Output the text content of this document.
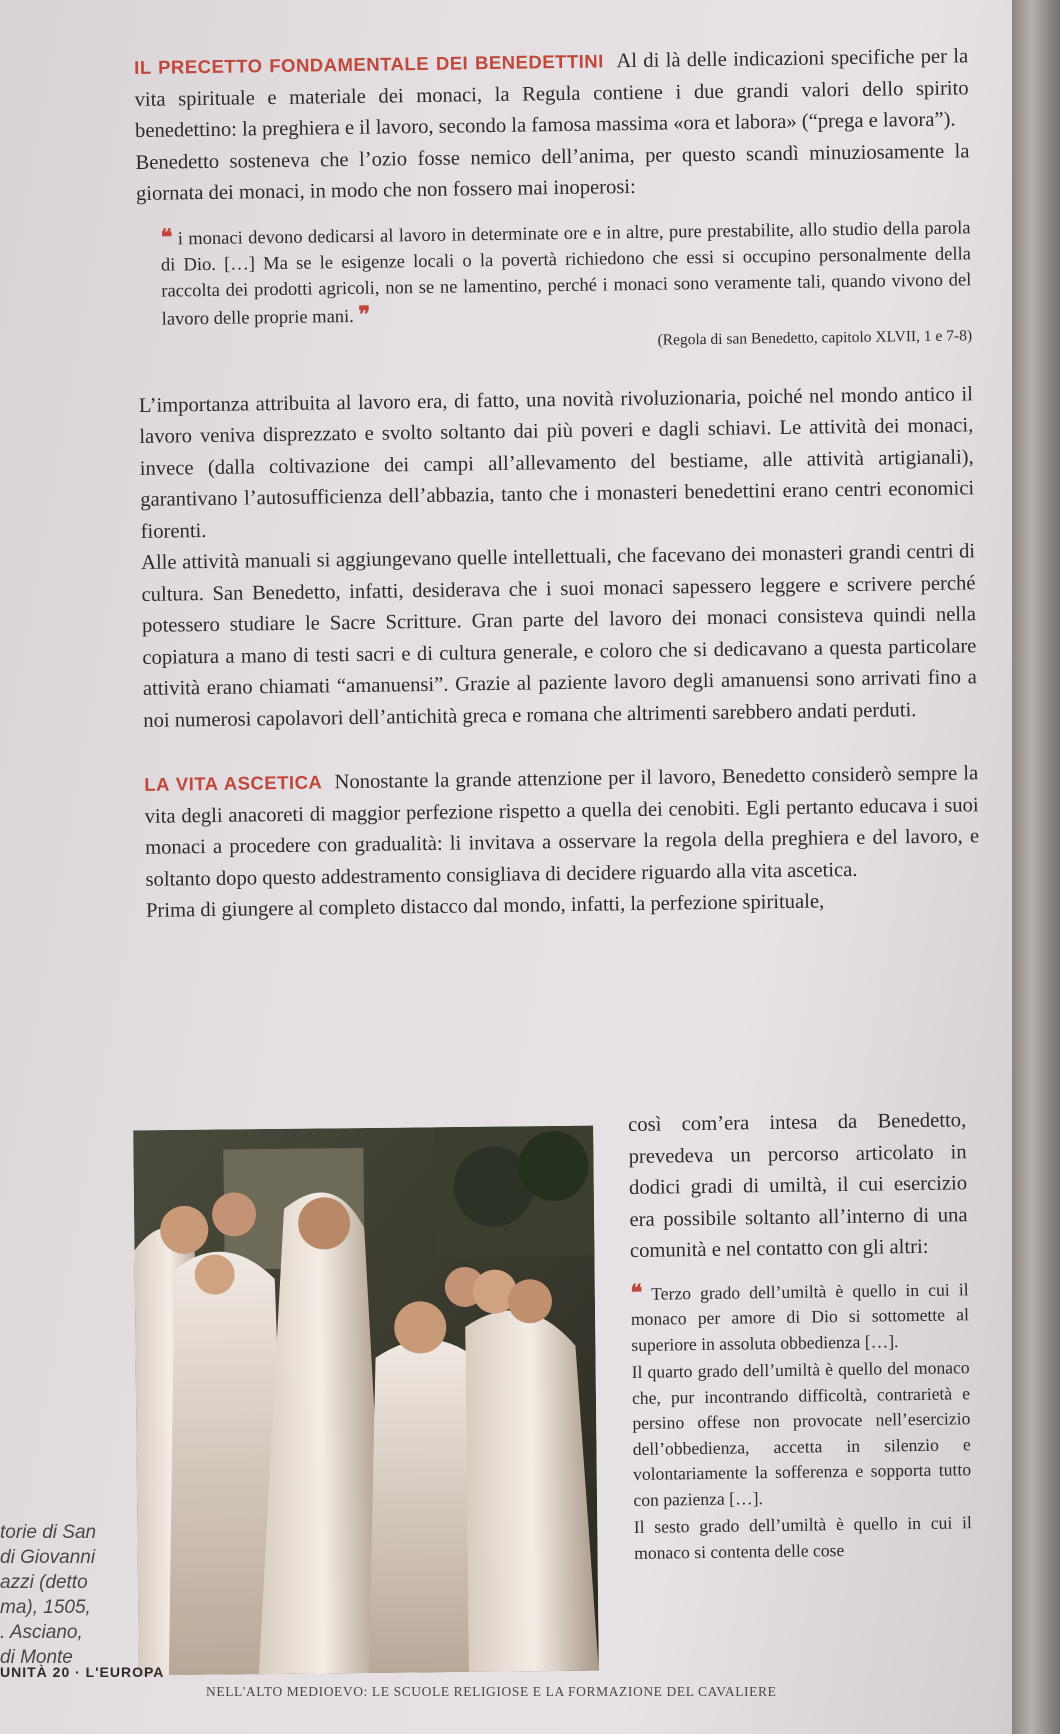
IL PRECETTO FONDAMENTALE DEI BENEDETTINI Al di là delle indicazioni specifiche per la vita spirituale e materiale dei monaci, la Regula contiene i due grandi valori dello spirito benedettino: la preghiera e il lavoro, secondo la famosa massima «ora et labora» (“prega e lavora”).

Benedetto sosteneva che l’ozio fosse nemico dell’anima, per questo scandì minuziosamente la giornata dei monaci, in modo che non fossero mai inoperosi:

❝ i monaci devono dedicarsi al lavoro in determinate ore e in altre, pure prestabilite, allo studio della parola di Dio. […] Ma se le esigenze locali o la povertà richiedono che essi si occupino personalmente della raccolta dei prodotti agricoli, non se ne lamentino, perché i monaci sono veramente tali, quando vivono del lavoro delle proprie mani. ❞

(Regola di san Benedetto, capitolo XLVII, 1 e 7-8)

L’importanza attribuita al lavoro era, di fatto, una novità rivoluzionaria, poiché nel mondo antico il lavoro veniva disprezzato e svolto soltanto dai più poveri e dagli schiavi. Le attività dei monaci, invece (dalla coltivazione dei campi all’allevamento del bestiame, alle attività artigianali), garantivano l’autosufficienza dell’abbazia, tanto che i monasteri benedettini erano centri economici fiorenti.

Alle attività manuali si aggiungevano quelle intellettuali, che facevano dei monasteri grandi centri di cultura. San Benedetto, infatti, desiderava che i suoi monaci sapessero leggere e scrivere perché potessero studiare le Sacre Scritture. Gran parte del lavoro dei monaci consisteva quindi nella copiatura a mano di testi sacri e di cultura generale, e coloro che si dedicavano a questa particolare attività erano chiamati “amanuensi”. Grazie al paziente lavoro degli amanuensi sono arrivati fino a noi numerosi capolavori dell’antichità greca e romana che altrimenti sarebbero andati perduti.

LA VITA ASCETICA Nonostante la grande attenzione per il lavoro, Benedetto considerò sempre la vita degli anacoreti di maggior perfezione rispetto a quella dei cenobiti. Egli pertanto educava i suoi monaci a procedere con gradualità: li invitava a osservare la regola della preghiera e del lavoro, e soltanto dopo questo addestramento consigliava di decidere riguardo alla vita ascetica.

Prima di giungere al completo distacco dal mondo, infatti, la perfezione spirituale,

così com’era intesa da Benedetto, prevedeva un percorso articolato in dodici gradi di umiltà, il cui esercizio era possibile soltanto all’interno di una comunità e nel contatto con gli altri:

❝ Terzo grado dell’umiltà è quello in cui il monaco per amore di Dio si sottomette al superiore in assoluta obbedienza […].

Il quarto grado dell’umiltà è quello del monaco che, pur incontrando difficoltà, contrarietà e persino offese non provocate nell’esercizio dell’obbedienza, accetta in silenzio e volontariamente la sofferenza e sopporta tutto con pazienza […].

Il sesto grado dell’umiltà è quello in cui il monaco si contenta delle cose

torie di San
di Giovanni
azzi (detto
ma), 1505,
. Asciano,
di Monte
UNITÀ 20 · L'EUROPA
NELL'ALTO MEDIOEVO: LE SCUOLE RELIGIOSE E LA FORMAZIONE DEL CAVALIERE
